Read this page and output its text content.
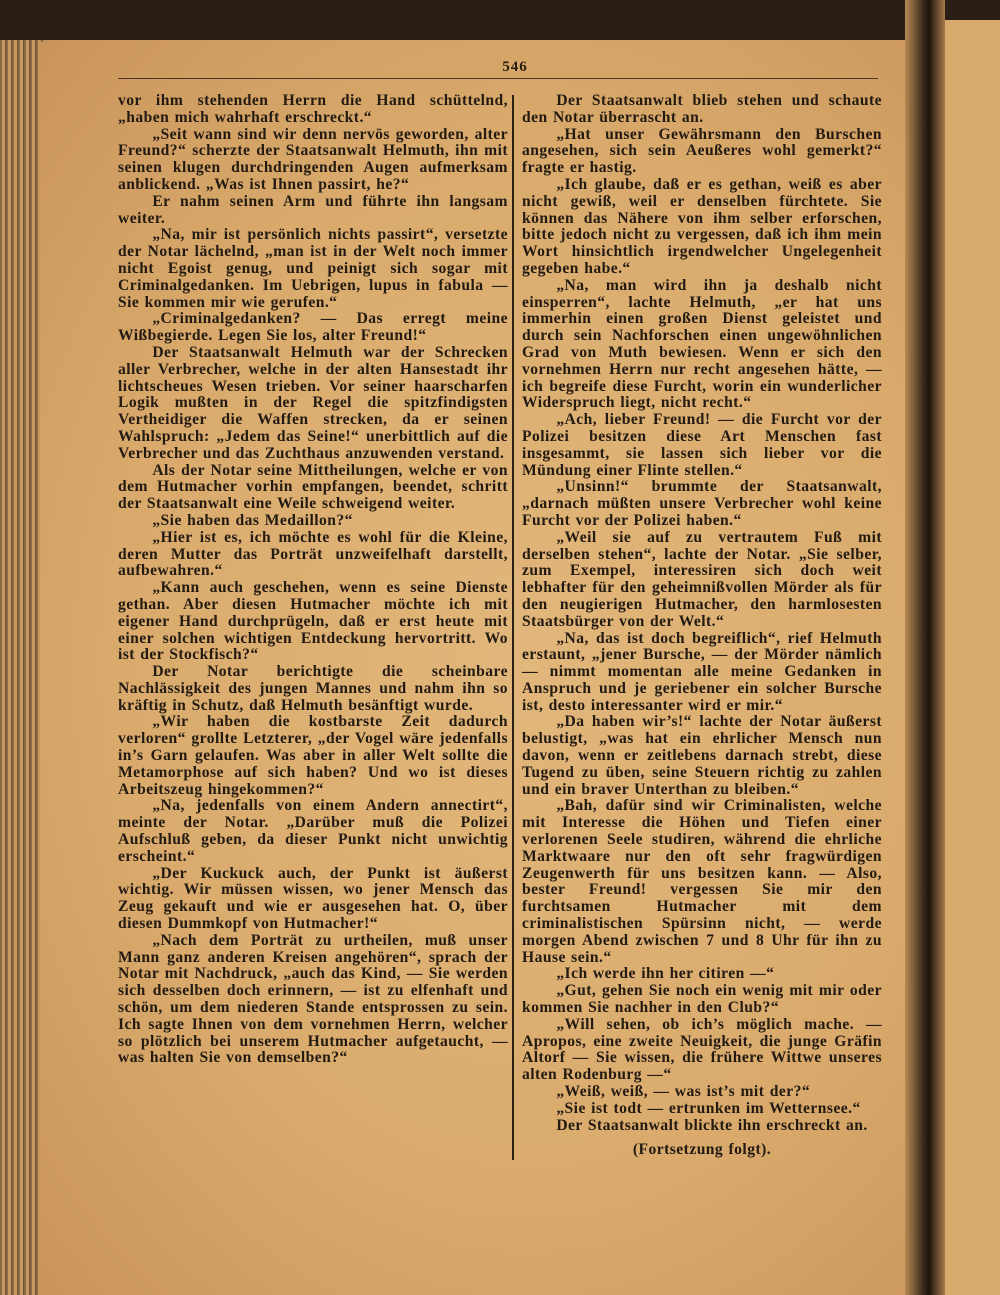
546

vor ihm stehenden Herrn die Hand schüttelnd, „haben mich wahrhaft erschreckt.“

„Seit wann sind wir denn nervös geworden, alter Freund?“ scherzte der Staatsanwalt Helmuth, ihn mit seinen klugen durchdringenden Augen aufmerksam anblickend. „Was ist Ihnen passirt, he?“

Er nahm seinen Arm und führte ihn langsam weiter.

„Na, mir ist persönlich nichts passirt“, versetzte der Notar lächelnd, „man ist in der Welt noch immer nicht Egoist genug, und peinigt sich sogar mit Criminalgedanken. Im Uebrigen, lupus in fabula — Sie kommen mir wie gerufen.“

„Criminalgedanken? — Das erregt meine Wißbegierde. Legen Sie los, alter Freund!“

Der Staatsanwalt Helmuth war der Schrecken aller Verbrecher, welche in der alten Hansestadt ihr lichtscheues Wesen trieben. Vor seiner haarscharfen Logik mußten in der Regel die spitzfindigsten Vertheidiger die Waffen strecken, da er seinen Wahlspruch: „Jedem das Seine!“ unerbittlich auf die Verbrecher und das Zuchthaus anzuwenden verstand.

Als der Notar seine Mittheilungen, welche er von dem Hutmacher vorhin empfangen, beendet, schritt der Staatsanwalt eine Weile schweigend weiter.

„Sie haben das Medaillon?“

„Hier ist es, ich möchte es wohl für die Kleine, deren Mutter das Porträt unzweifelhaft darstellt, aufbewahren.“

„Kann auch geschehen, wenn es seine Dienste gethan. Aber diesen Hutmacher möchte ich mit eigener Hand durchprügeln, daß er erst heute mit einer solchen wichtigen Entdeckung hervortritt. Wo ist der Stockfisch?“

Der Notar berichtigte die scheinbare Nachlässigkeit des jungen Mannes und nahm ihn so kräftig in Schutz, daß Helmuth besänftigt wurde.

„Wir haben die kostbarste Zeit dadurch verloren“ grollte Letzterer, „der Vogel wäre jedenfalls in’s Garn gelaufen. Was aber in aller Welt sollte die Metamorphose auf sich haben? Und wo ist dieses Arbeitszeug hingekommen?“

„Na, jedenfalls von einem Andern annectirt“, meinte der Notar. „Darüber muß die Polizei Aufschluß geben, da dieser Punkt nicht unwichtig erscheint.“

„Der Kuckuck auch, der Punkt ist äußerst wichtig. Wir müssen wissen, wo jener Mensch das Zeug gekauft und wie er ausgesehen hat. O, über diesen Dummkopf von Hutmacher!“

„Nach dem Porträt zu urtheilen, muß unser Mann ganz anderen Kreisen angehören“, sprach der Notar mit Nachdruck, „auch das Kind, — Sie werden sich desselben doch erinnern, — ist zu elfenhaft und schön, um dem niederen Stande entsprossen zu sein. Ich sagte Ihnen von dem vornehmen Herrn, welcher so plötzlich bei unserem Hutmacher aufgetaucht, — was halten Sie von demselben?“

Der Staatsanwalt blieb stehen und schaute den Notar überrascht an.

„Hat unser Gewährsmann den Burschen angesehen, sich sein Aeußeres wohl gemerkt?“ fragte er hastig.

„Ich glaube, daß er es gethan, weiß es aber nicht gewiß, weil er denselben fürchtete. Sie können das Nähere von ihm selber erforschen, bitte jedoch nicht zu vergessen, daß ich ihm mein Wort hinsichtlich irgendwelcher Ungelegenheit gegeben habe.“

„Na, man wird ihn ja deshalb nicht einsperren“, lachte Helmuth, „er hat uns immerhin einen großen Dienst geleistet und durch sein Nachforschen einen ungewöhnlichen Grad von Muth bewiesen. Wenn er sich den vornehmen Herrn nur recht angesehen hätte, — ich begreife diese Furcht, worin ein wunderlicher Widerspruch liegt, nicht recht.“

„Ach, lieber Freund! — die Furcht vor der Polizei besitzen diese Art Menschen fast insgesammt, sie lassen sich lieber vor die Mündung einer Flinte stellen.“

„Unsinn!“ brummte der Staatsanwalt, „darnach müßten unsere Verbrecher wohl keine Furcht vor der Polizei haben.“

„Weil sie auf zu vertrautem Fuß mit derselben stehen“, lachte der Notar. „Sie selber, zum Exempel, interessiren sich doch weit lebhafter für den geheimnißvollen Mörder als für den neugierigen Hutmacher, den harmlosesten Staatsbürger von der Welt.“

„Na, das ist doch begreiflich“, rief Helmuth erstaunt, „jener Bursche, — der Mörder nämlich — nimmt momentan alle meine Gedanken in Anspruch und je geriebener ein solcher Bursche ist, desto interessanter wird er mir.“

„Da haben wir’s!“ lachte der Notar äußerst belustigt, „was hat ein ehrlicher Mensch nun davon, wenn er zeitlebens darnach strebt, diese Tugend zu üben, seine Steuern richtig zu zahlen und ein braver Unterthan zu bleiben.“

„Bah, dafür sind wir Criminalisten, welche mit Interesse die Höhen und Tiefen einer verlorenen Seele studiren, während die ehrliche Marktwaare nur den oft sehr fragwürdigen Zeugenwerth für uns besitzen kann. — Also, bester Freund! vergessen Sie mir den furchtsamen Hutmacher mit dem criminalistischen Spürsinn nicht, — werde morgen Abend zwischen 7 und 8 Uhr für ihn zu Hause sein.“

„Ich werde ihn her citiren —“

„Gut, gehen Sie noch ein wenig mit mir oder kommen Sie nachher in den Club?“

„Will sehen, ob ich’s möglich mache. — Apropos, eine zweite Neuigkeit, die junge Gräfin Altorf — Sie wissen, die frühere Wittwe unseres alten Rodenburg —“

„Weiß, weiß, — was ist’s mit der?“

„Sie ist todt — ertrunken im Wetternsee.“

Der Staatsanwalt blickte ihn erschreckt an.

(Fortsetzung folgt).
